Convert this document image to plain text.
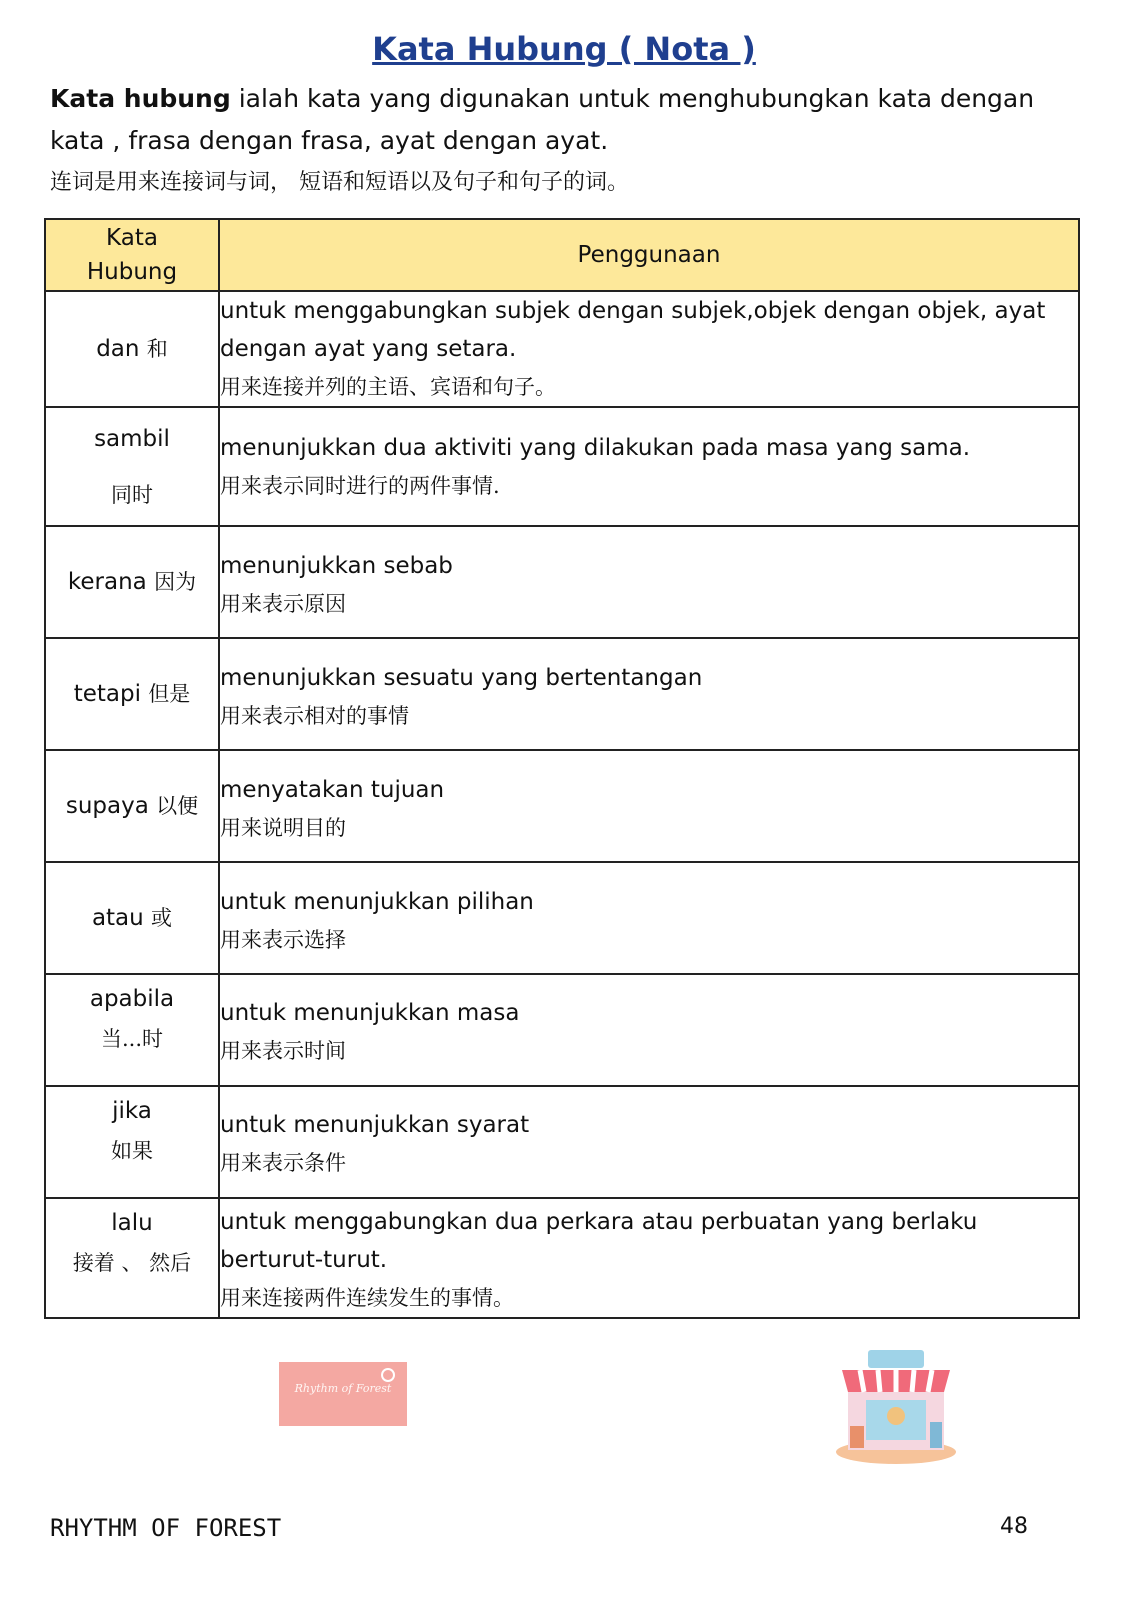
Kata Hubung ( Nota )

Kata hubung ialah kata yang digunakan untuk menghubungkan kata dengan kata , frasa dengan frasa, ayat dengan ayat.

连词是用来连接词与词， 短语和短语以及句子和句子的词。

Kata
Hubung	Penggunaan
dan 和	untuk menggabungkan subjek dengan subjek,objek dengan objek, ayat dengan ayat yang setara.
用来连接并列的主语、宾语和句子。

sambil
同时	menunjukkan dua aktiviti yang dilakukan pada masa yang sama.
用来表示同时进行的两件事情.

kerana 因为	menunjukkan sebab
用来表示原因

tetapi 但是	menunjukkan sesuatu yang bertentangan
用来表示相对的事情

supaya 以便	menyatakan tujuan
用来说明目的

atau 或	untuk menunjukkan pilihan
用来表示选择

apabila
当...时	untuk menunjukkan masa
用来表示时间

jika
如果	untuk menunjukkan syarat
用来表示条件

lalu
接着 、 然后	untuk menggabungkan dua perkara atau perbuatan yang berlaku berturut-turut.
用来连接两件连续发生的事情。
Rhythm of Forest
RHYTHM OF FOREST	48
